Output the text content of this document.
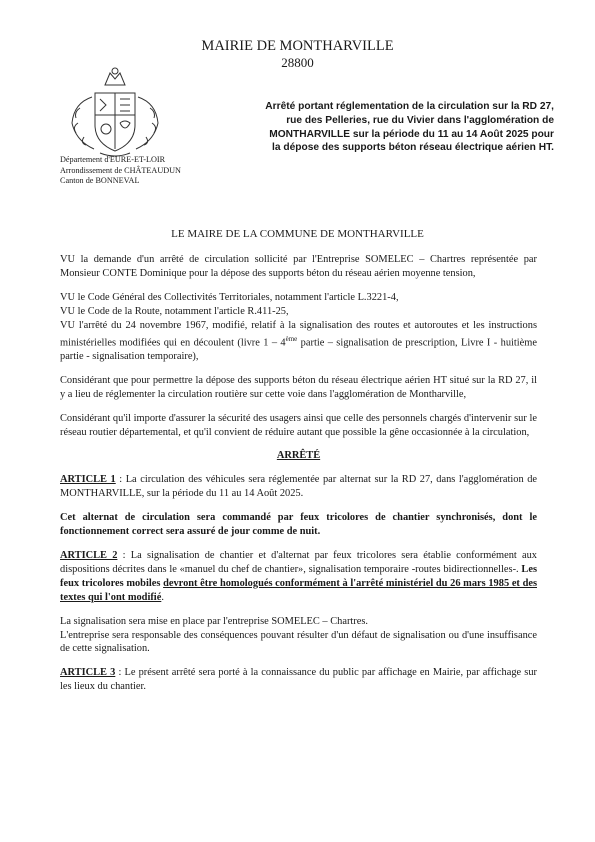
MAIRIE DE MONTHARVILLE
28800
Arrêté portant réglementation de la circulation sur la RD 27,
rue des Pelleries, rue du Vivier dans l'agglomération de
MONTHARVILLE sur la période du 11 au 14 Août 2025 pour
la dépose des supports béton réseau électrique aérien HT.
Département d'EURE-ET-LOIR
Arrondissement de CHÂTEAUDUN
Canton de BONNEVAL
LE MAIRE DE LA COMMUNE DE MONTHARVILLE

VU la demande d'un arrêté de circulation sollicité par l'Entreprise SOMELEC – Chartres représentée par Monsieur CONTE Dominique pour la dépose des supports béton du réseau aérien moyenne tension,

VU le Code Général des Collectivités Territoriales, notamment l'article L.3221-4,
VU le Code de la Route, notamment l'article R.411-25,
VU l'arrêté du 24 novembre 1967, modifié, relatif à la signalisation des routes et autoroutes et les instructions ministérielles modifiées qui en découlent (livre 1 – 4ème partie – signalisation de prescription, Livre I - huitième partie - signalisation temporaire),

Considérant que pour permettre la dépose des supports béton du réseau électrique aérien HT situé sur la RD 27, il y a lieu de réglementer la circulation routière sur cette voie dans l'agglomération de Montharville,

Considérant qu'il importe d'assurer la sécurité des usagers ainsi que celle des personnels chargés d'intervenir sur le réseau routier départemental, et qu'il convient de réduire autant que possible la gêne occasionnée à la circulation,

ARRÊTÉ

ARTICLE 1 : La circulation des véhicules sera réglementée par alternat sur la RD 27, dans l'agglomération de MONTHARVILLE, sur la période du 11 au 14 Août 2025.

Cet alternat de circulation sera commandé par feux tricolores de chantier synchronisés, dont le fonctionnement correct sera assuré de jour comme de nuit.

ARTICLE 2 : La signalisation de chantier et d'alternat par feux tricolores sera établie conformément aux dispositions décrites dans le «manuel du chef de chantier», signalisation temporaire -routes bidirectionnelles-. Les feux tricolores mobiles devront être homologués conformément à l'arrêté ministériel du 26 mars 1985 et des textes qui l'ont modifié.

La signalisation sera mise en place par l'entreprise SOMELEC – Chartres.
L'entreprise sera responsable des conséquences pouvant résulter d'un défaut de signalisation ou d'une insuffisance de cette signalisation.

ARTICLE 3 : Le présent arrêté sera porté à la connaissance du public par affichage en Mairie, par affichage sur les lieux du chantier.
